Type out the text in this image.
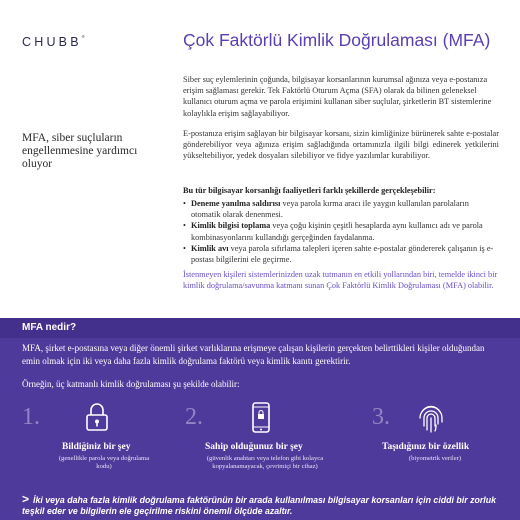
CHUBB®	Çok Faktörlü Kimlik Doğrulaması (MFA)
MFA, siber suçluların engellenmesine yardımcı oluyor

Siber suç eylemlerinin çoğunda, bilgisayar korsanlarının kurumsal ağınıza veya e-postanıza erişim sağlaması gerekir. Tek Faktörlü Oturum Açma (SFA) olarak da bilinen geleneksel kullanıcı oturum açma ve parola erişimini kullanan siber suçlular, şirketlerin BT sistemlerine kolaylıkla erişim sağlayabiliyor.

E-postanıza erişim sağlayan bir bilgisayar korsanı, sizin kimliğinize bürünerek sahte e-postalar gönderebiliyor veya ağınıza erişim sağladığında ortamınızla ilgili bilgi edinerek yetkilerini yükseltebiliyor, yedek dosyaları silebiliyor ve fidye yazılımlar kurabiliyor.

Bu tür bilgisayar korsanlığı faaliyetleri farklı şekillerde gerçekleşebilir:

• Deneme yanılma saldırısı veya parola kırma aracı ile yaygın kullanılan parolaların otomatik olarak denenmesi.
• Kimlik bilgisi toplama veya çoğu kişinin çeşitli hesaplarda aynı kullanıcı adı ve parola kombinasyonlarını kullandığı gerçeğinden faydalanma.
• Kimlik avı veya parola sıfırlama talepleri içeren sahte e-postalar göndererek çalışanın iş e-postası bilgilerini ele geçirme.

İstenmeyen kişileri sistemlerinizden uzak tutmanın en etkili yollarından biri, temelde ikinci bir kimlik doğrulama/savunma katmanı sunan Çok Faktörlü Kimlik Doğrulaması (MFA) olabilir.

MFA nedir?

MFA, şirket e-postasına veya diğer önemli şirket varlıklarına erişmeye çalışan kişilerin gerçekten belirttikleri kişiler olduğundan emin olmak için iki veya daha fazla kimlik doğrulama faktörü veya kimlik kanıtı gerektirir.

Örneğin, üç katmanlı kimlik doğrulaması şu şekilde olabilir:

1.
Bildiğiniz bir şey
(genellikle parola veya doğrulama kodu)
2.
Sahip olduğunuz bir şey
(güvenlik anahtarı veya telefon gibi kolayca kopyalanamayacak, çevrimiçi bir cihaz)
3.
Taşıdığınız bir özellik
(biyometrik veriler)

> İki veya daha fazla kimlik doğrulama faktörünün bir arada kullanılması bilgisayar korsanları için ciddi bir zorluk teşkil eder ve bilgilerin ele geçirilme riskini önemli ölçüde azaltır.
